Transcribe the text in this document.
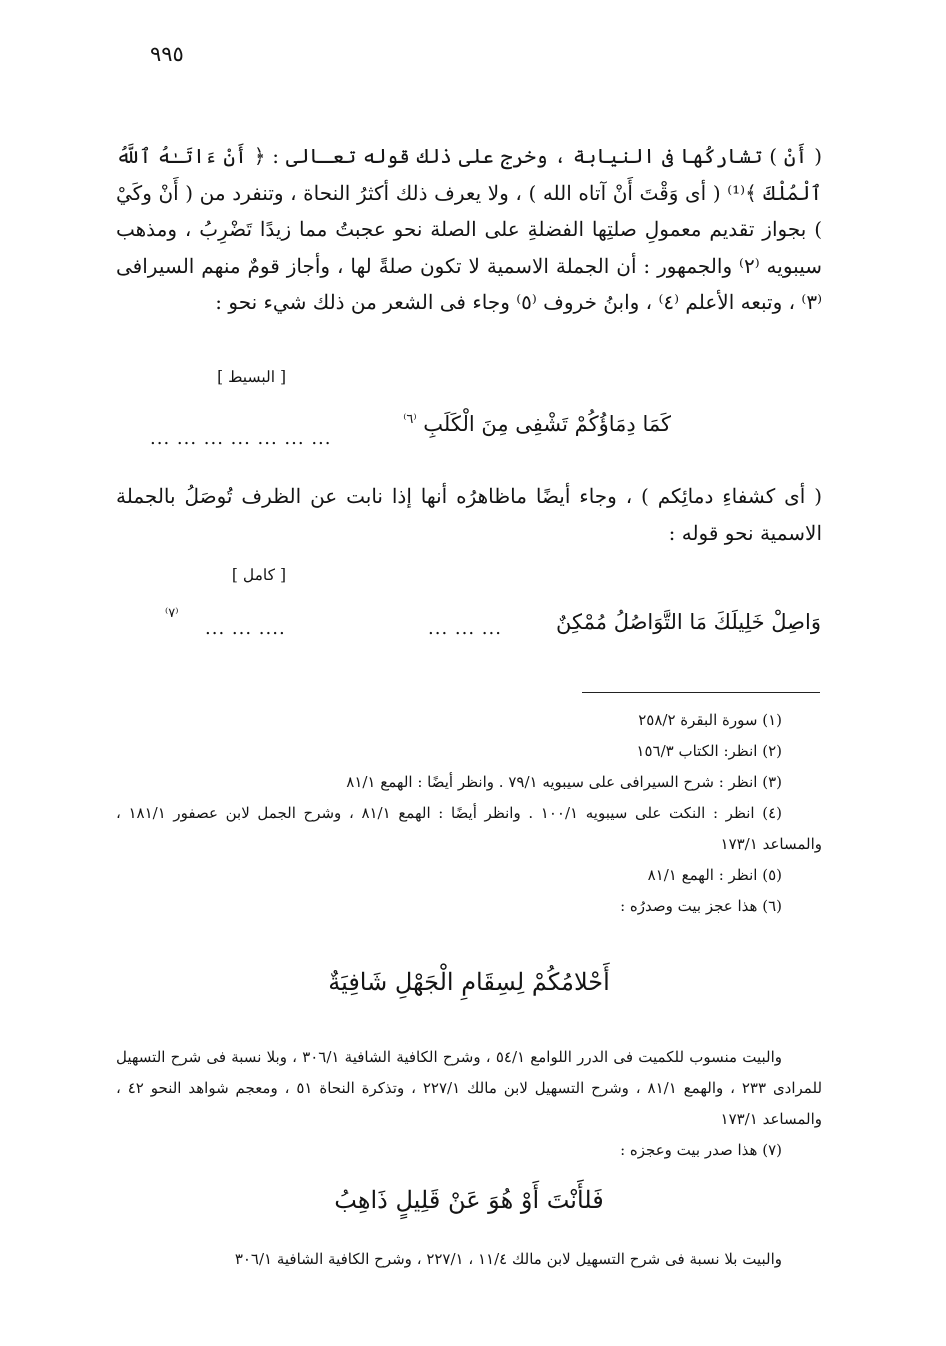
٩٩٥

( أَنْ ) تشاركُها فى النيابة ، وخرج على ذلك قوله تعـالى : ﴿ أَنْ ءَاتَـٰهُ ٱللَّهُ ٱلْمُلْكَ ﴾⁽¹⁾ ( أى وَقْتَ أَنْ آتاه الله ) ، ولا يعرف ذلك أكثرُ النحاة ، وتنفرد من ( أَنْ وكَيْ ) بجواز تقديم معمولِ صلتِها الفضلةِ على الصلة نحو عجبتُ مما زيدًا تَضْرِبُ ، ومذهب سيبويه ⁽٢⁾ والجمهور : أن الجملة الاسمية لا تكون صلةً لها ، وأجاز قومٌ منهم السيرافى ⁽٣⁾ ، وتبعه الأعلم ⁽٤⁾ ، وابنُ خروف ⁽٥⁾ وجاء فى الشعر من ذلك شيء نحو :

[ البسيط ]
كَمَا دِمَاؤُكُمْ تَشْفِى مِنَ الْكَلَبِ $^{^(٦^)}$
... ... ... ... ... ... ...

( أى كشفاءِ دمائِكم ) ، وجاء أيضًا ماظاهرُه أنها إذا نابت عن الظرف تُوصَلُ بالجملة الاسمية نحو قوله :

[ كامل ]
وَاصِلْ خَلِيلَكَ مَا التَّوَاصُلُ مُمْكِنٌ
... ... ...
... ... ....
⁽٧⁾

(١) سورة البقرة ٢٥٨/٢

(٢) انظر: الكتاب ١٥٦/٣

(٣) انظر : شرح السيرافى على سيبويه ٧٩/١ . وانظر أيضًا : الهمع ٨١/١

(٤) انظر : النكت على سيبويه ١٠٠/١ . وانظر أيضًا : الهمع ٨١/١ ، وشرح الجمل لابن عصفور ١٨١/١ ، والمساعد ١٧٣/١

(٥) انظر : الهمع ٨١/١

(٦) هذا عجز بيت وصدرُه :

أَحْلامُكُمْ لِسِقَامِ الْجَهْلِ شَافِيَةٌ

والبيت منسوب للكميت فى الدرر اللوامع ٥٤/١ ، وشرح الكافية الشافية ٣٠٦/١ ، وبلا نسبة فى شرح التسهيل للمرادى ٢٣٣ ، والهمع ٨١/١ ، وشرح التسهيل لابن مالك ٢٢٧/١ ، وتذكرة النحاة ٥١ ، ومعجم شواهد النحو ٤٢ ، والمساعد ١٧٣/١

(٧) هذا صدر بيت وعجزه :

فَلأَنْتَ أَوْ هُوَ عَنْ قَلِيلٍ ذَاهِبُ

والبيت بلا نسبة فى شرح التسهيل لابن مالك ١١/٤ ، ٢٢٧/١ ، وشرح الكافية الشافية ٣٠٦/١
